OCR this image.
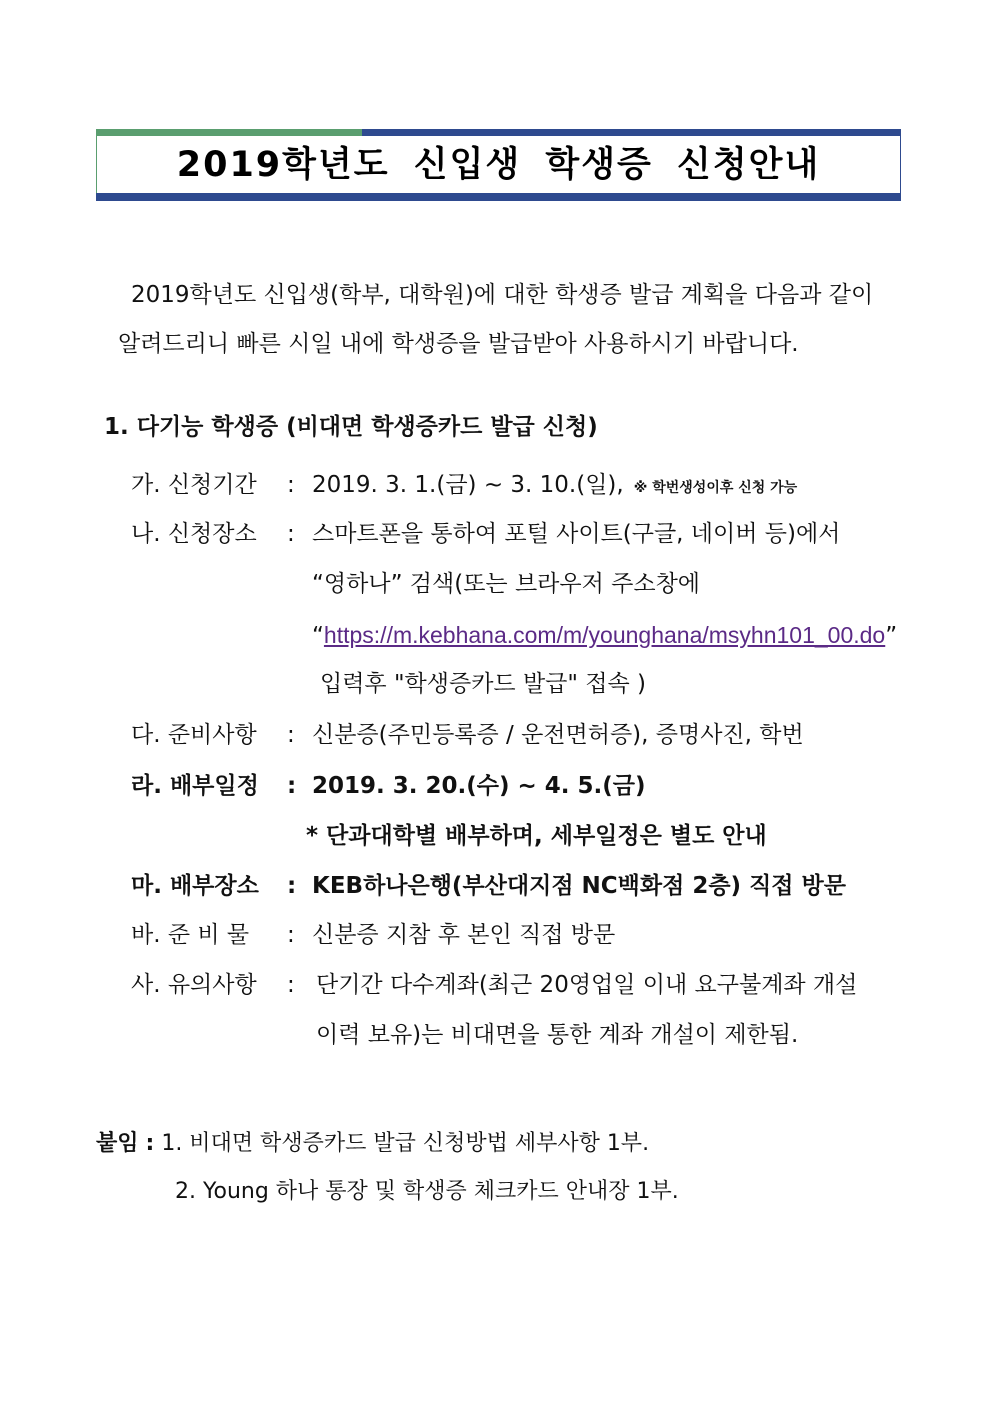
2019학년도 신입생 학생증 신청안내
2019학년도 신입생(학부, 대학원)에 대한 학생증 발급 계획을 다음과 같이
알려드리니 빠른 시일 내에 학생증을 발급받아 사용하시기 바랍니다.
1. 다기능 학생증 (비대면 학생증카드 발급 신청)
가. 신청기간 : 2019. 3. 1.(금) ~ 3. 10.(일), ※ 학번생성이후 신청 가능
나. 신청장소 : 스마트폰을 통하여 포털 사이트(구글, 네이버 등)에서
“영하나” 검색(또는 브라우저 주소창에
“https://m.kebhana.com/m/younghana/msyhn101_00.do”
입력후 "학생증카드 발급" 접속 )
다. 준비사항 : 신분증(주민등록증 / 운전면허증), 증명사진, 학번
라. 배부일정 : 2019. 3. 20.(수) ~ 4. 5.(금)
* 단과대학별 배부하며, 세부일정은 별도 안내
마. 배부장소 : KEB하나은행(부산대지점 NC백화점 2층) 직접 방문
바. 준 비 물 : 신분증 지참 후 본인 직접 방문
사. 유의사항 : 단기간 다수계좌(최근 20영업일 이내 요구불계좌 개설
이력 보유)는 비대면을 통한 계좌 개설이 제한됨.
붙임 : 1. 비대면 학생증카드 발급 신청방법 세부사항 1부.
2. Young 하나 통장 및 학생증 체크카드 안내장 1부.
